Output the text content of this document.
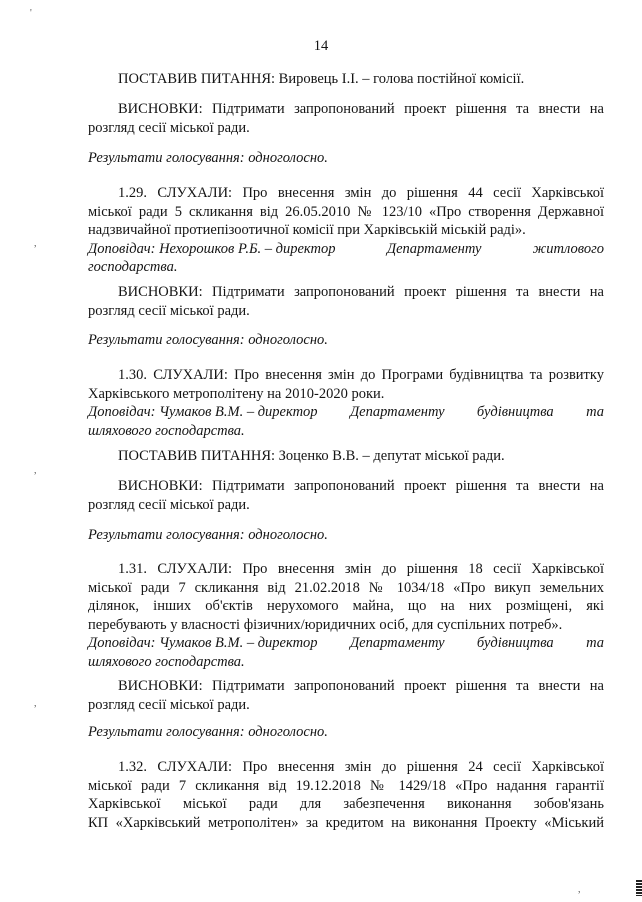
'
,
,
,
14
ПОСТАВИВ ПИТАННЯ: Вировець І.І. – голова постійної комісії.
ВИСНОВКИ: Підтримати запропонований проект рішення та внести на
розгляд сесії міської ради.
Результати голосування: одноголосно.
1.29. СЛУХАЛИ: Про внесення змін до рішення 44 сесії Харківської
міської ради 5 скликання від 26.05.2010 № 123/10 «Про створення Державної
надзвичайної протиепізоотичної комісії при Харківській міській раді».
Доповідач: Нехорошков Р.Б. – директор	Департаменту	житлового
господарства.
ВИСНОВКИ: Підтримати запропонований проект рішення та внести на
розгляд сесії міської ради.
Результати голосування: одноголосно.
1.30. СЛУХАЛИ: Про внесення змін до Програми будівництва та розвитку
Харківського метрополітену на 2010-2020 роки.
Доповідач: Чумаков В.М. – директор Департаменту будівництва та
шляхового господарства.
ПОСТАВИВ ПИТАННЯ: Зоценко В.В. – депутат міської ради.
ВИСНОВКИ: Підтримати запропонований проект рішення та внести на
розгляд сесії міської ради.
Результати голосування: одноголосно.
1.31. СЛУХАЛИ: Про внесення змін до рішення 18 сесії Харківської
міської ради 7 скликання від 21.02.2018 № 1034/18 «Про викуп земельних
ділянок, інших об'єктів нерухомого майна, що на них розміщені, які
перебувають у власності фізичних/юридичних осіб, для суспільних потреб».
Доповідач: Чумаков В.М. – директор Департаменту будівництва та
шляхового господарства.
ВИСНОВКИ: Підтримати запропонований проект рішення та внести на
розгляд сесії міської ради.
Результати голосування: одноголосно.
1.32. СЛУХАЛИ: Про внесення змін до рішення 24 сесії Харківської
міської ради 7 скликання від 19.12.2018 № 1429/18 «Про надання гарантії
Харківської міської ради для забезпечення виконання зобов'язань
КП «Харківський метрополітен» за кредитом на виконання Проекту «Міський
,
